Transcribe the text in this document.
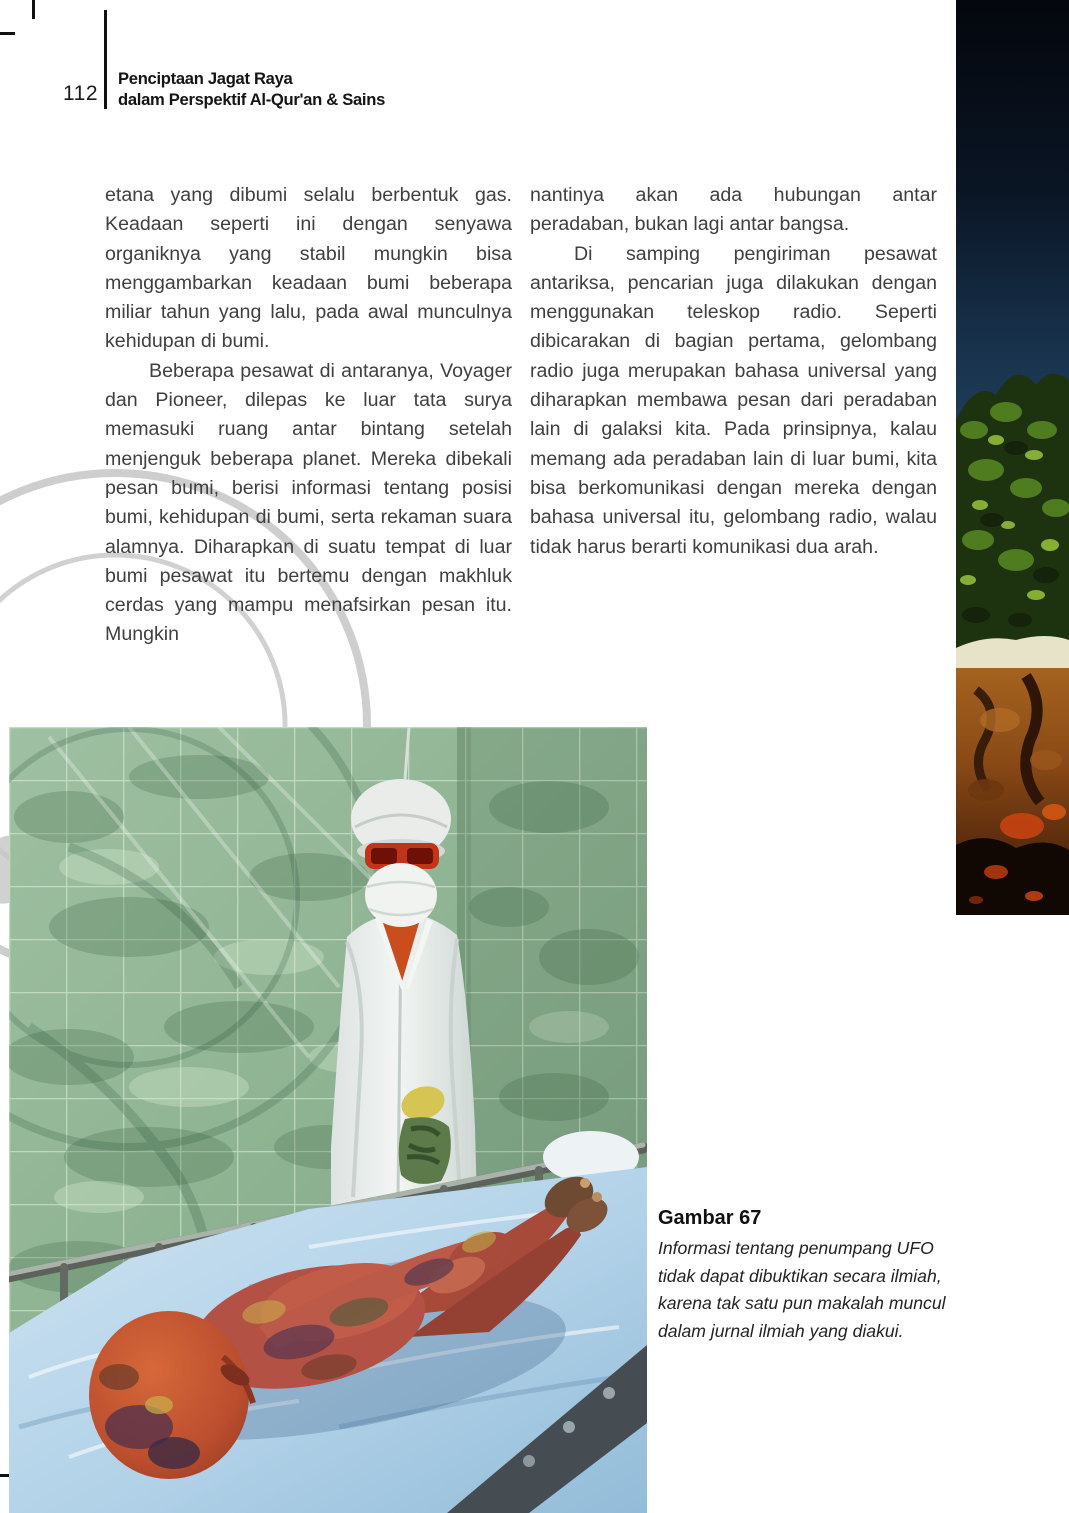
112
Penciptaan Jagat Raya
dalam Perspektif Al-Qur'an & Sains

etana yang dibumi selalu berbentuk gas. Keadaan seperti ini dengan senyawa organiknya yang stabil mungkin bisa menggambarkan keadaan bumi beberapa miliar tahun yang lalu, pada awal munculnya kehidupan di bumi.

Beberapa pesawat di antaranya, Voyager dan Pioneer, dilepas ke luar tata surya memasuki ruang antar bintang setelah menjenguk beberapa planet. Mereka dibekali pesan bumi, berisi informasi tentang posisi bumi, kehidupan di bumi, serta rekaman suara alamnya. Diharapkan di suatu tempat di luar bumi pesawat itu bertemu dengan makhluk cerdas yang mampu menafsirkan pesan itu. Mungkin

nantinya akan ada hubungan antar peradaban, bukan lagi antar bangsa.

Di samping pengiriman pesawat antariksa, pencarian juga dilakukan dengan menggunakan teleskop radio. Seperti dibicarakan di bagian pertama, gelombang radio juga merupakan bahasa universal yang diharapkan membawa pesan dari peradaban lain di galaksi kita. Pada prinsipnya, kalau memang ada peradaban lain di luar bumi, kita bisa berkomunikasi dengan mereka dengan bahasa universal itu, gelombang radio, walau tidak harus berarti komunikasi dua arah.

Gambar 67

Informasi tentang penumpang UFO tidak dapat dibuktikan secara ilmiah, karena tak satu pun makalah muncul dalam jurnal ilmiah yang diakui.
